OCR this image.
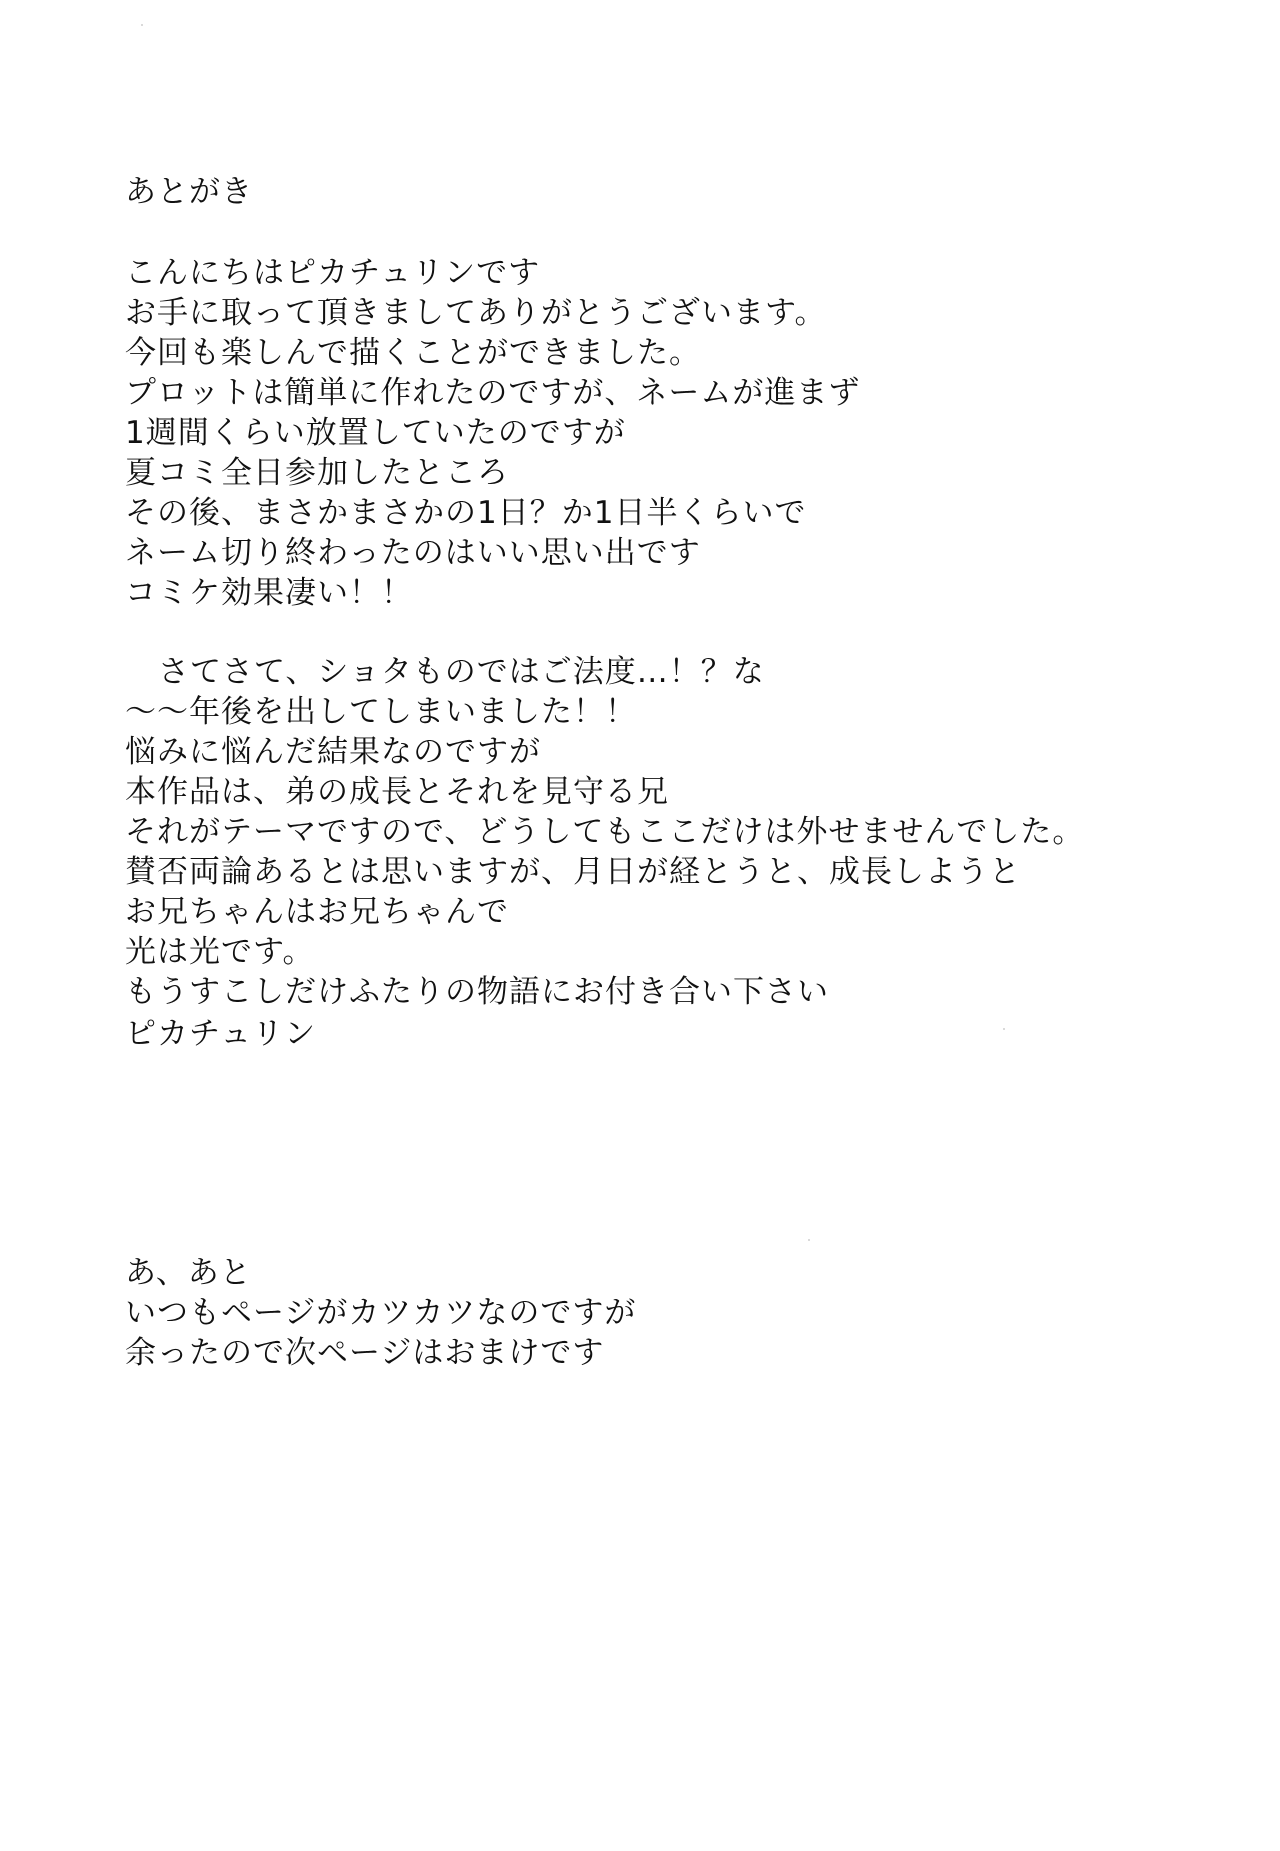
あとがき
こんにちはピカチュリンです
お手に取って頂きましてありがとうございます。
今回も楽しんで描くことができました。
プロットは簡単に作れたのですが、ネームが進まず
1週間くらい放置していたのですが
夏コミ全日参加したところ
その後、まさかまさかの1日？か1日半くらいで
ネーム切り終わったのはいい思い出です
コミケ効果凄い！！
さてさて、ショタものではご法度…！？な
〜〜年後を出してしまいました！！
悩みに悩んだ結果なのですが
本作品は、弟の成長とそれを見守る兄
それがテーマですので、どうしてもここだけは外せませんでした。
賛否両論あるとは思いますが、月日が経とうと、成長しようと
お兄ちゃんはお兄ちゃんで
光は光です。
もうすこしだけふたりの物語にお付き合い下さい
ピカチュリン
あ、あと
いつもページがカツカツなのですが
余ったので次ページはおまけです
